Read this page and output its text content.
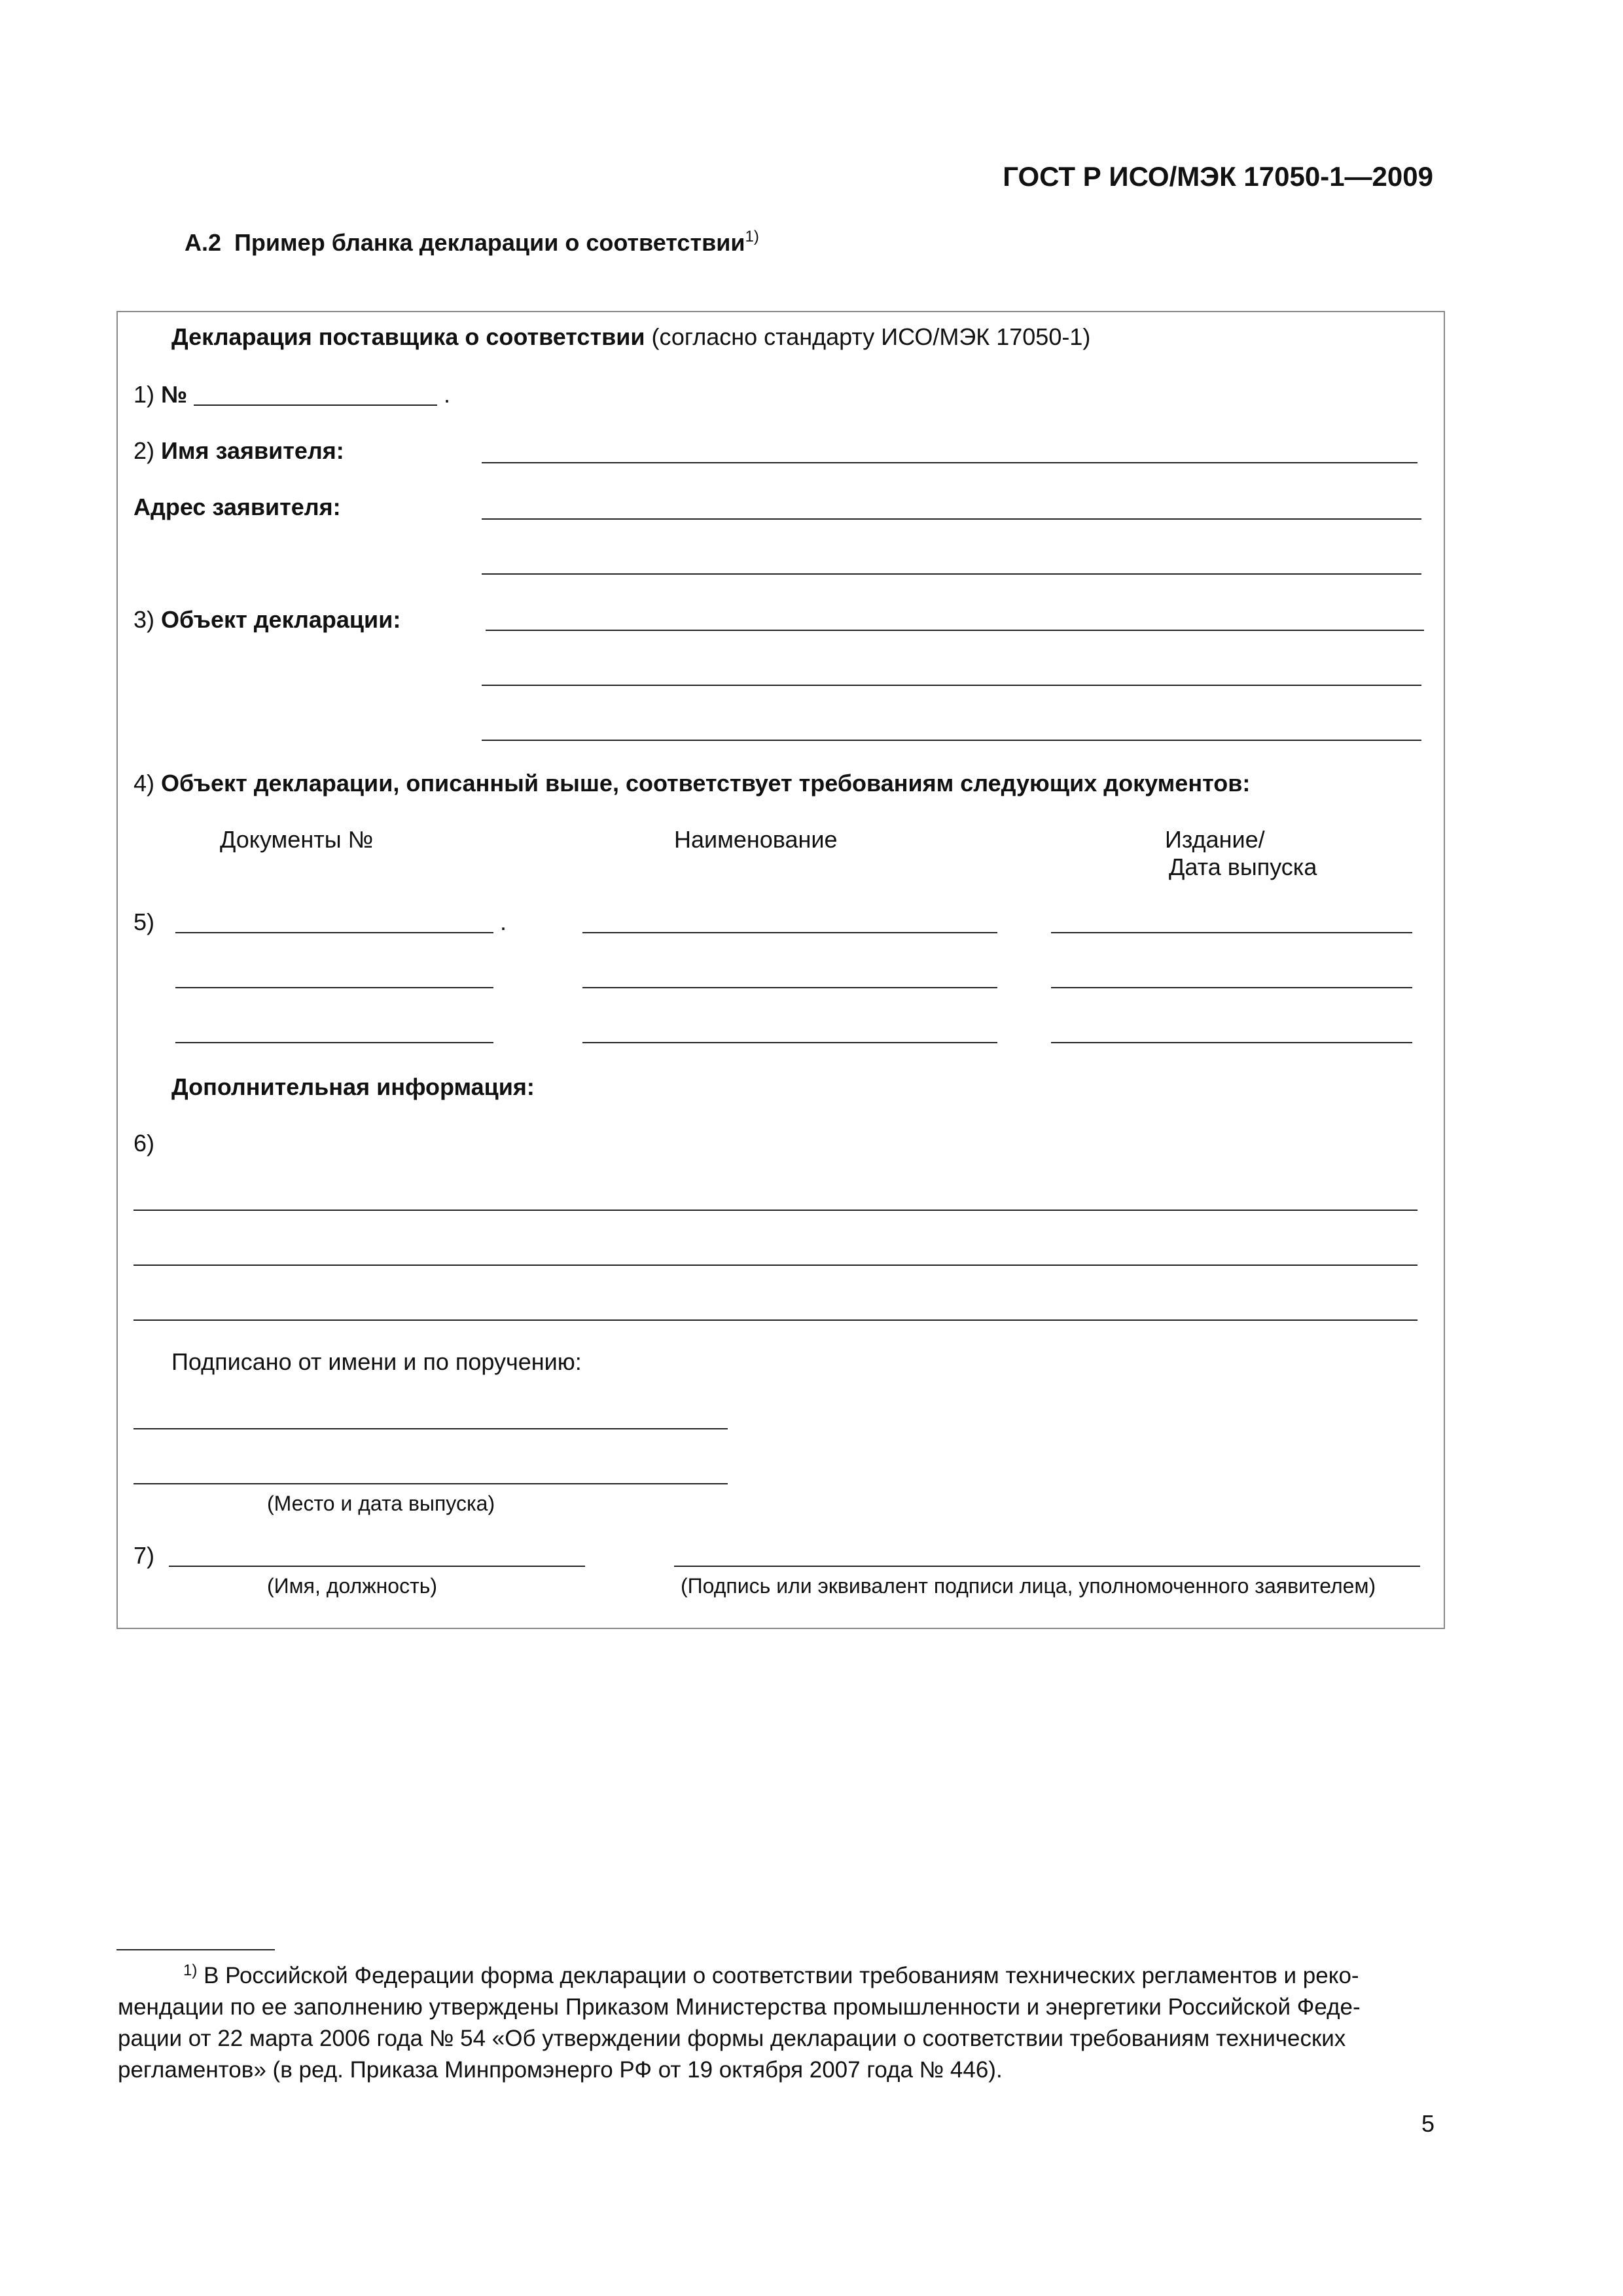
ГОСТ Р ИСО/МЭК 17050-1—2009
А.2 Пример бланка декларации о соответствии$^{1)}$
Декларация поставщика о соответствии (согласно стандарту ИСО/МЭК 17050-1)
1) №	.
2) Имя заявителя:
Адрес заявителя:
3) Объект декларации:
4) Объект декларации, описанный выше, соответствует требованиям следующих документов:
Документы №	Наименование	Издание/
Дата выпуска
5)	.
Дополнительная информация:
6)
Подписано от имени и по поручению:
(Место и дата выпуска)
7)
(Имя, должность)	(Подпись или эквивалент подписи лица, уполномоченного заявителем)
$^{1)}$ В Российской Федерации форма декларации о соответствии требованиям технических регламентов и реко-
мендации по ее заполнению утверждены Приказом Министерства промышленности и энергетики Российской Феде-
рации от 22 марта 2006 года № 54 «Об утверждении формы декларации о соответствии требованиям технических
регламентов» (в ред. Приказа Минпромэнерго РФ от 19 октября 2007 года № 446).
5
